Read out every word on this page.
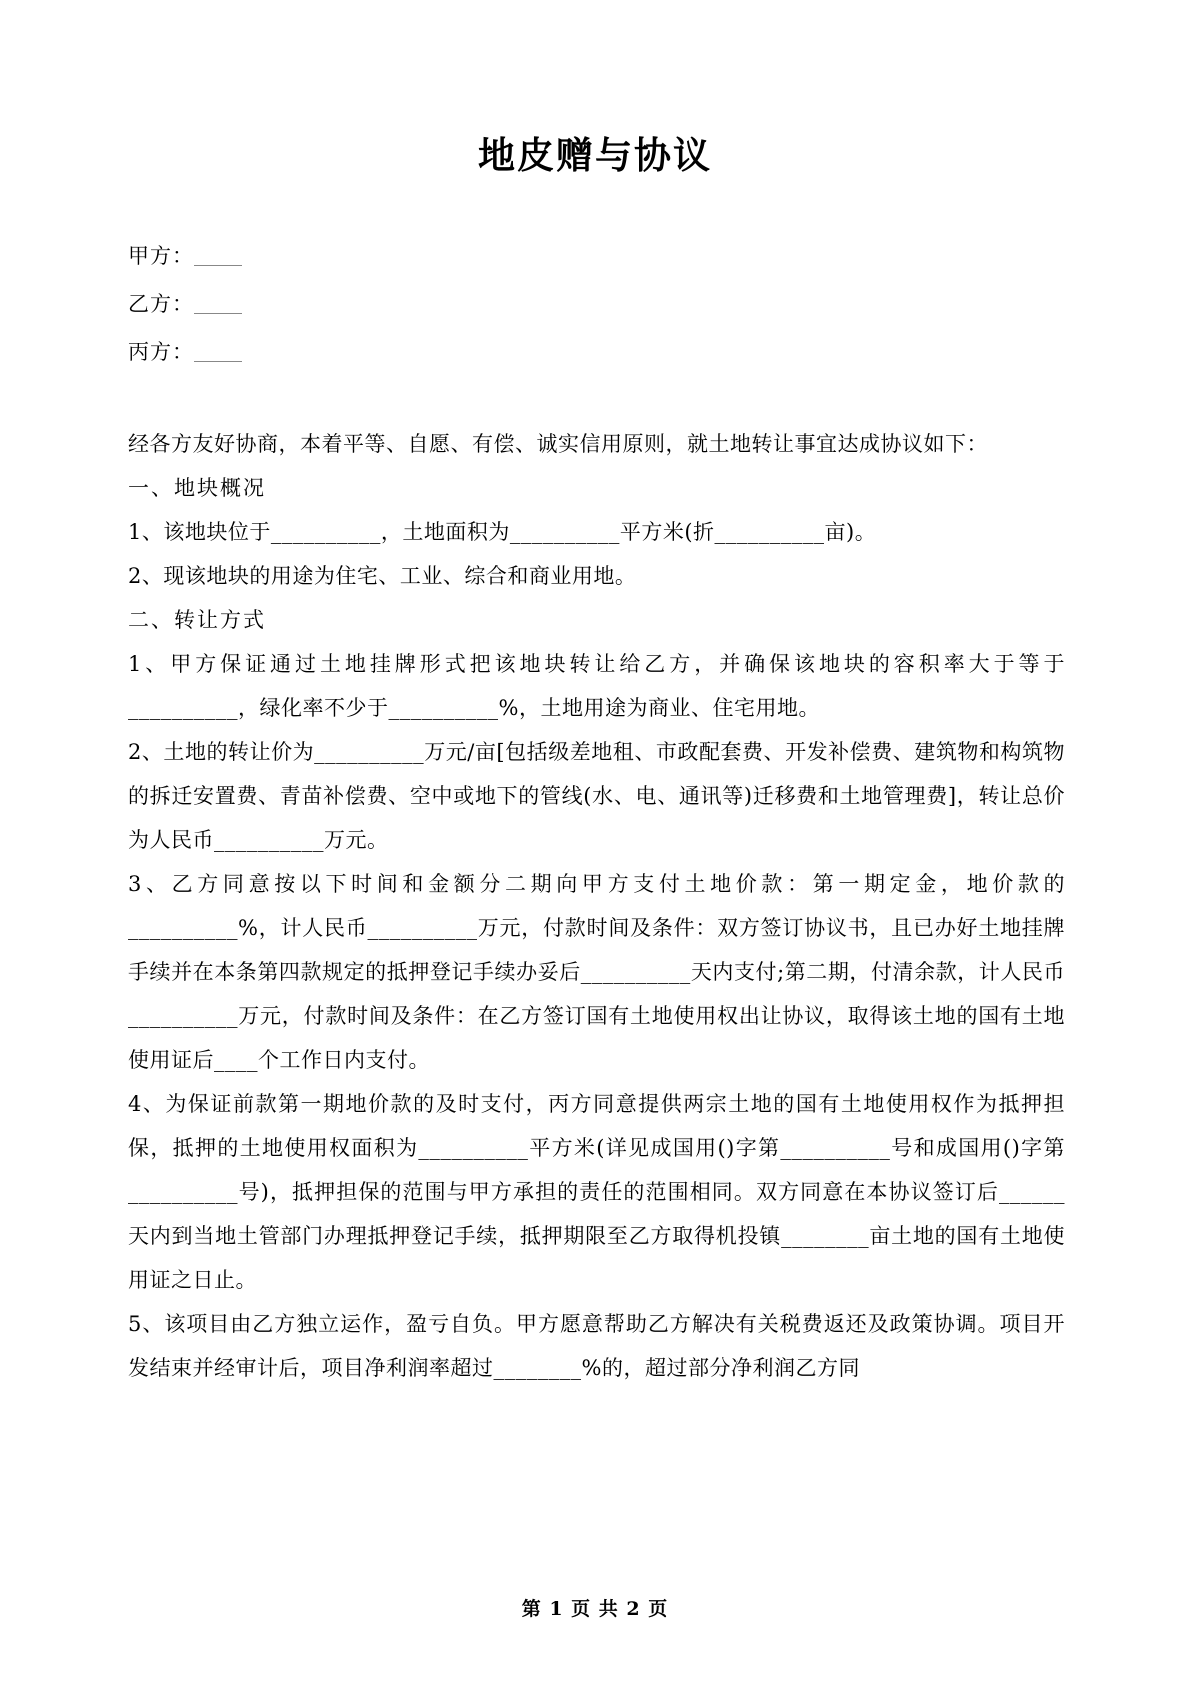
地皮赠与协议
甲方：
乙方：
丙方：

经各方友好协商，本着平等、自愿、有偿、诚实信用原则，就土地转让事宜达成协议如下：

一、地块概况

1、该地块位于__________，土地面积为__________平方米(折__________亩)。

2、现该地块的用途为住宅、工业、综合和商业用地。

二、转让方式

1、甲方保证通过土地挂牌形式把该地块转让给乙方，并确保该地块的容积率大于等于__________，绿化率不少于__________%，土地用途为商业、住宅用地。

2、土地的转让价为__________万元/亩[包括级差地租、市政配套费、开发补偿费、建筑物和构筑物的拆迁安置费、青苗补偿费、空中或地下的管线(水、电、通讯等)迁移费和土地管理费]，转让总价为人民币__________万元。

3、乙方同意按以下时间和金额分二期向甲方支付土地价款：第一期定金，地价款的__________%，计人民币__________万元，付款时间及条件：双方签订协议书，且已办好土地挂牌手续并在本条第四款规定的抵押登记手续办妥后__________天内支付;第二期，付清余款，计人民币__________万元，付款时间及条件：在乙方签订国有土地使用权出让协议，取得该土地的国有土地使用证后____个工作日内支付。

4、为保证前款第一期地价款的及时支付，丙方同意提供两宗土地的国有土地使用权作为抵押担保，抵押的土地使用权面积为__________平方米(详见成国用()字第__________号和成国用()字第__________号)，抵押担保的范围与甲方承担的责任的范围相同。双方同意在本协议签订后______天内到当地土管部门办理抵押登记手续，抵押期限至乙方取得机投镇________亩土地的国有土地使用证之日止。

5、该项目由乙方独立运作，盈亏自负。甲方愿意帮助乙方解决有关税费返还及政策协调。项目开发结束并经审计后，项目净利润率超过________%的，超过部分净利润乙方同

第 1 页 共 2 页
